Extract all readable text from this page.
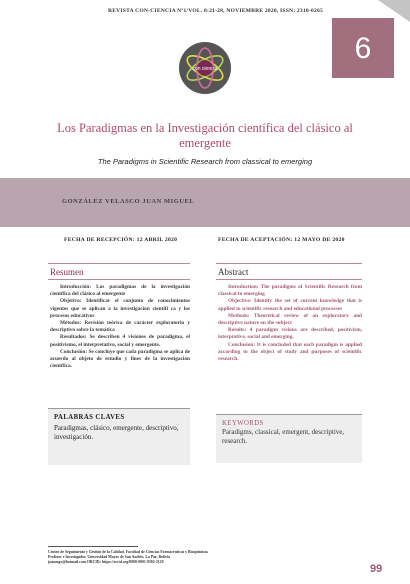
REVISTA CON-CIENCIA Nº1/VOL. 8:21-28, NOVIEMBRE 2020, ISSN: 2310-0265
6
con ciencia
Los Paradigmas en la Investigación científica del clásico al emergente
The Paradigms in Scientific Research from classical to emerging
GONZÁLEZ VELASCO JUAN MIGUEL
FECHA DE RECEPCIÓN: 12 ABRIL 2020	FECHA DE ACEPTACIÓN: 12 MAYO DE 2020
Resumen
Introducción: Los paradigmas de la investigación científica del clásico al emergente
Objetivo: Identificar el conjunto de conocimientos vigentes que se aplican a la investigación científi ca y los procesos educativos
Métodos: Revisión teórica de carácter exploratorio y descriptivo sobre la temática
Resultados: Se describen 4 visiones de paradigma, el positivismo, el interpretativo, social y emergente.
Conclusión: Se concluye que cada paradigma se aplica de acuerdo al objeto de estudio y fines de la investigación científica.
Abstract
Introduction: The paradigms of Scientific Research from classical to emerging
Objective: Identify the set of current knowledge that is applied to scientific research and educational processes
Methods: Theoretical review of an exploratory and descriptive nature on the subject
Results: 4 paradigm visions are described, positivism, interpretive, social and emerging.
Conclusion: It is concluded that each paradigm is applied according to the object of study and purposes of scientific research.
PALABRAS CLAVES
Paradigmas, clásico, emergente, descriptivo, investigación.
KEYWORDS
Paradigms, classical, emergent, descriptive, research.
Centro de Seguimiento y Gestión de la Calidad. Facultad de Ciencias Farmacéuticas y Bioquímicas
Profesor e Investigador. Universidad Mayor de San Andrés. La Paz, Bolivia
juanmgv@hotmail.com ORCID: https://orcid.org/0000-0001-9302-2129
99
